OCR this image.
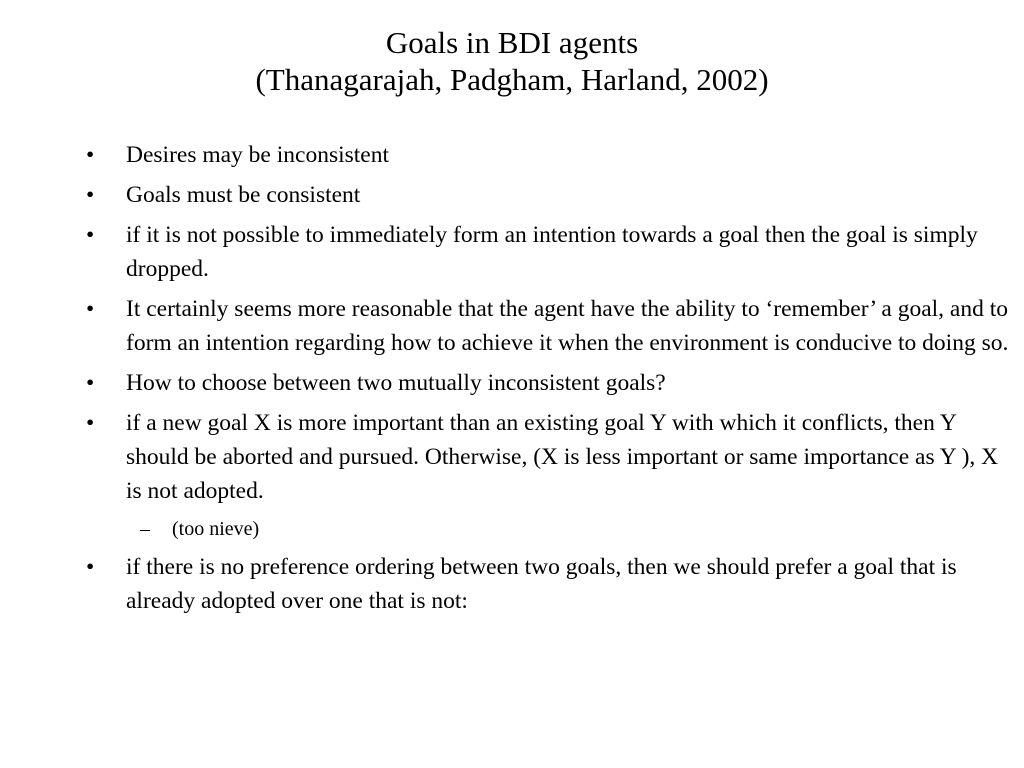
Goals in BDI agents
(Thanagarajah, Padgham, Harland, 2002)
•	Desires may be inconsistent
•	Goals must be consistent
•	if it is not possible to immediately form an intention towards a goal then the goal is simply dropped.
•	It certainly seems more reasonable that the agent have the ability to ‘remember’ a goal, and to form an intention regarding how to achieve it when the environment is conducive to doing so.
•	How to choose between two mutually inconsistent goals?
•	if a new goal X is more important than an existing goal Y with which it conflicts, then Y should be aborted and pursued. Otherwise, (X is less important or same importance as Y ), X is not adopted.
– (too nieve)
•	if there is no preference ordering between two goals, then we should prefer a goal that is already adopted over one that is not:
